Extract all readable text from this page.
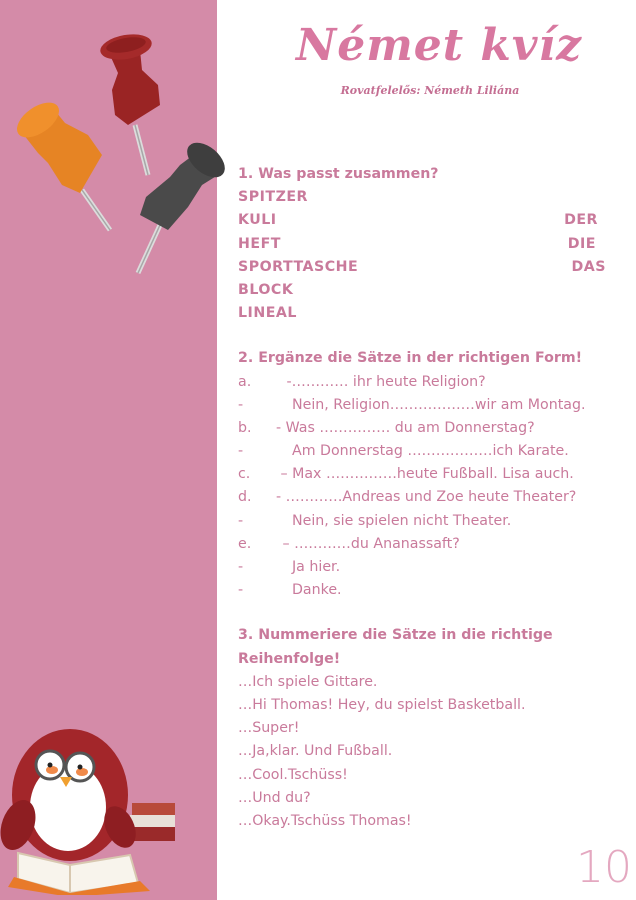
Német kvíz
Rovatfelelős: Németh Liliána
1. Was passt zusammen?
SPITZER
KULI	DER
HEFT	DIE
SPORTTASCHE	DAS
BLOCK
LINEAL
2. Ergänze die Sätze in der richtigen Form!
a. -………… ihr heute Religion?
-	Nein, Religion………………wir am Montag.
b. - Was …………… du am Donnerstag?
-	Am Donnerstag ………………ich Karate.
c. – Max ……………heute Fußball. Lisa auch.
d. - …………Andreas und Zoe heute Theater?
-	Nein, sie spielen nicht Theater.
e. – …………du Ananassaft?
-	Ja hier.
-	Danke.
3. Nummeriere die Sätze in die richtige
Reihenfolge!
…Ich spiele Gittare.
…Hi Thomas! Hey, du spielst Basketball.
…Super!
…Ja,klar. Und Fußball.
…Cool.Tschüss!
…Und du?
…Okay.Tschüss Thomas!
10
